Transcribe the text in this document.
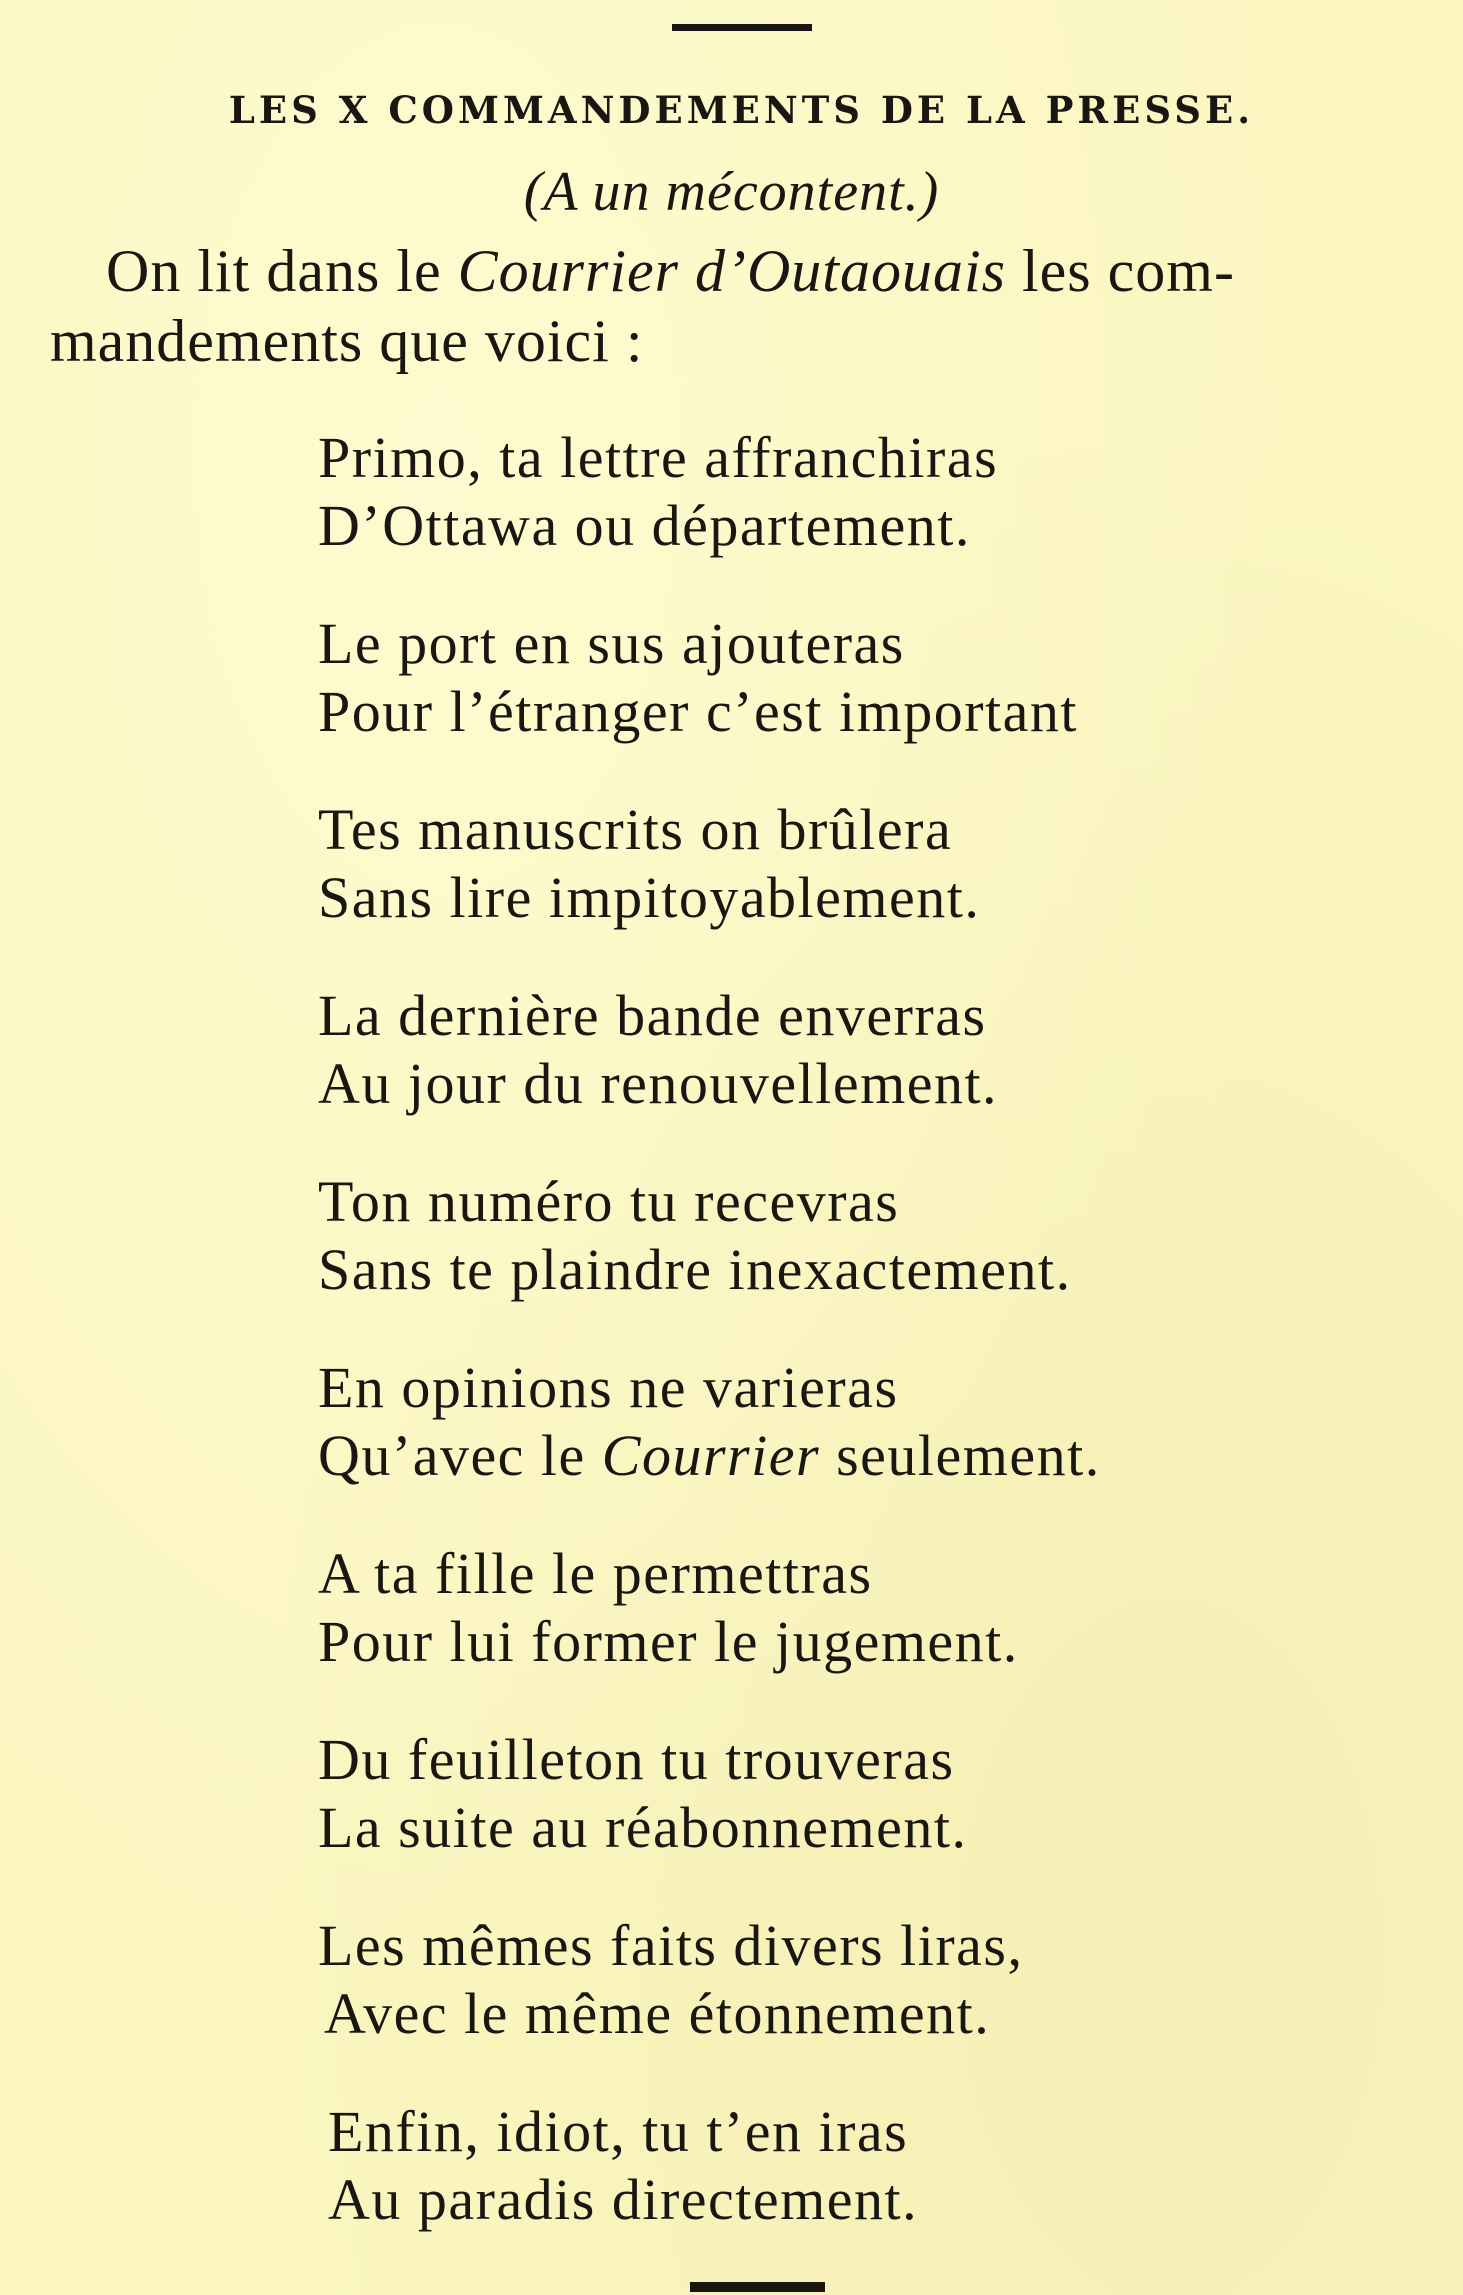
LES X COMMANDEMENTS DE LA PRESSE.
(A un mécontent.)
On lit dans le Courrier d’Outaouais les com-
mandements que voici :
Primo, ta lettre affranchiras
D’Ottawa ou département.
Le port en sus ajouteras
Pour l’étranger c’est important
Tes manuscrits on brûlera
Sans lire impitoyablement.
La dernière bande enverras
Au jour du renouvellement.
Ton numéro tu recevras
Sans te plaindre inexactement.
En opinions ne varieras
Qu’avec le Courrier seulement.
A ta fille le permettras
Pour lui former le jugement.
Du feuilleton tu trouveras
La suite au réabonnement.
Les mêmes faits divers liras,
Avec le même étonnement.
Enfin, idiot, tu t’en iras
Au paradis directement.
